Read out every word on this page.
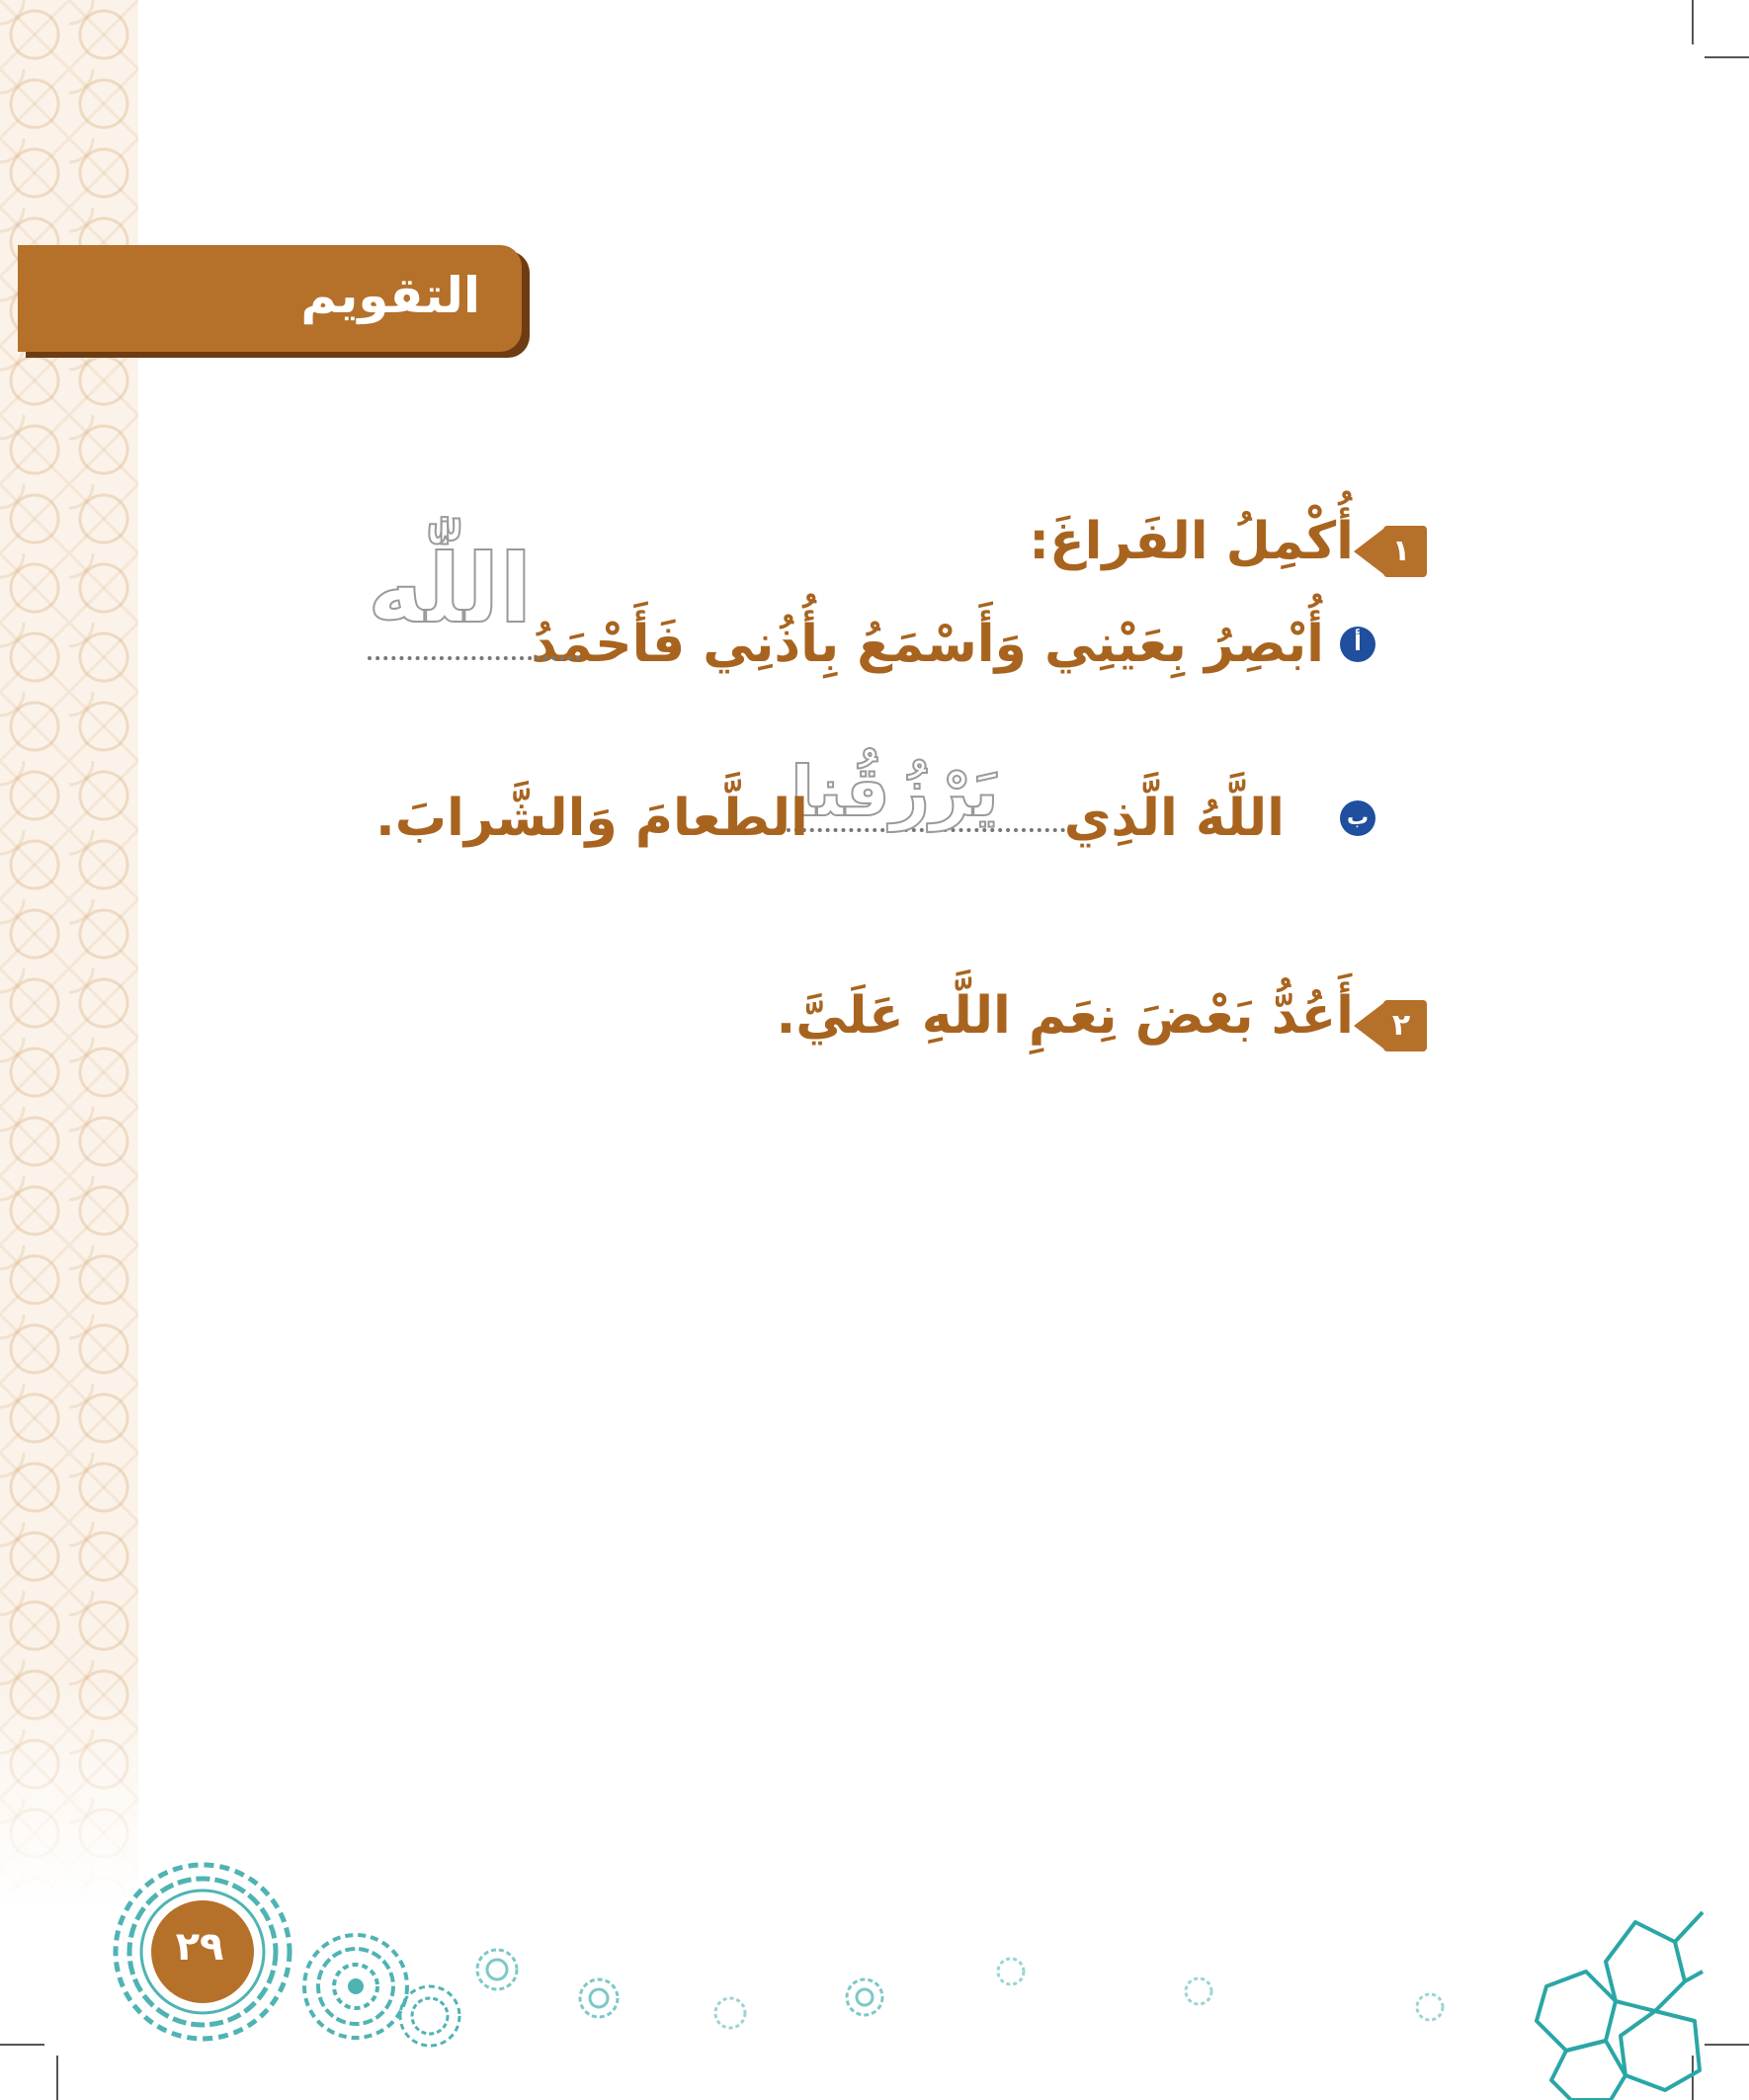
التقويم
١
أُكْمِلُ الفَراغَ:
أ
أُبْصِرُ بِعَيْنِي وَأَسْمَعُ بِأُذُنِي فَأَحْمَدُ
اللّٰه
ب
اللَّهُ الَّذِي
يَرْزُقُنا
الطَّعامَ وَالشَّرابَ.
٢
أَعُدُّ بَعْضَ نِعَمِ اللَّهِ عَلَيَّ.
٢٩
